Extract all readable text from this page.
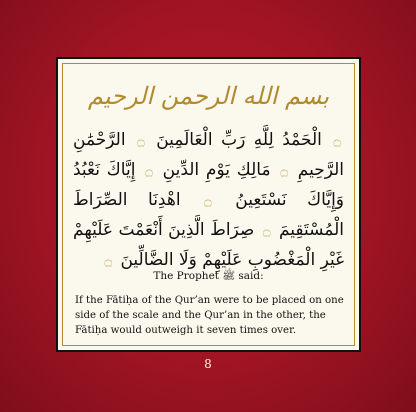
بسم الله الرحمن الرحيم
۝ الْحَمْدُ لِلَّهِ رَبِّ الْعَالَمِينَ ۝ الرَّحْمَٰنِ الرَّحِيمِ ۝ مَالِكِ يَوْمِ الدِّينِ ۝ إِيَّاكَ نَعْبُدُ وَإِيَّاكَ نَسْتَعِينُ ۝ اهْدِنَا الصِّرَاطَ الْمُسْتَقِيمَ ۝ صِرَاطَ الَّذِينَ أَنْعَمْتَ عَلَيْهِمْ غَيْرِ الْمَغْضُوبِ عَلَيْهِمْ وَلَا الضَّالِّينَ ۝
The Prophet ﷺ said:
If the Fātiḥa of the Qur’an were to be placed on one side of the scale and the Qur’an in the other, the Fātiḥa would outweigh it seven times over.
8
